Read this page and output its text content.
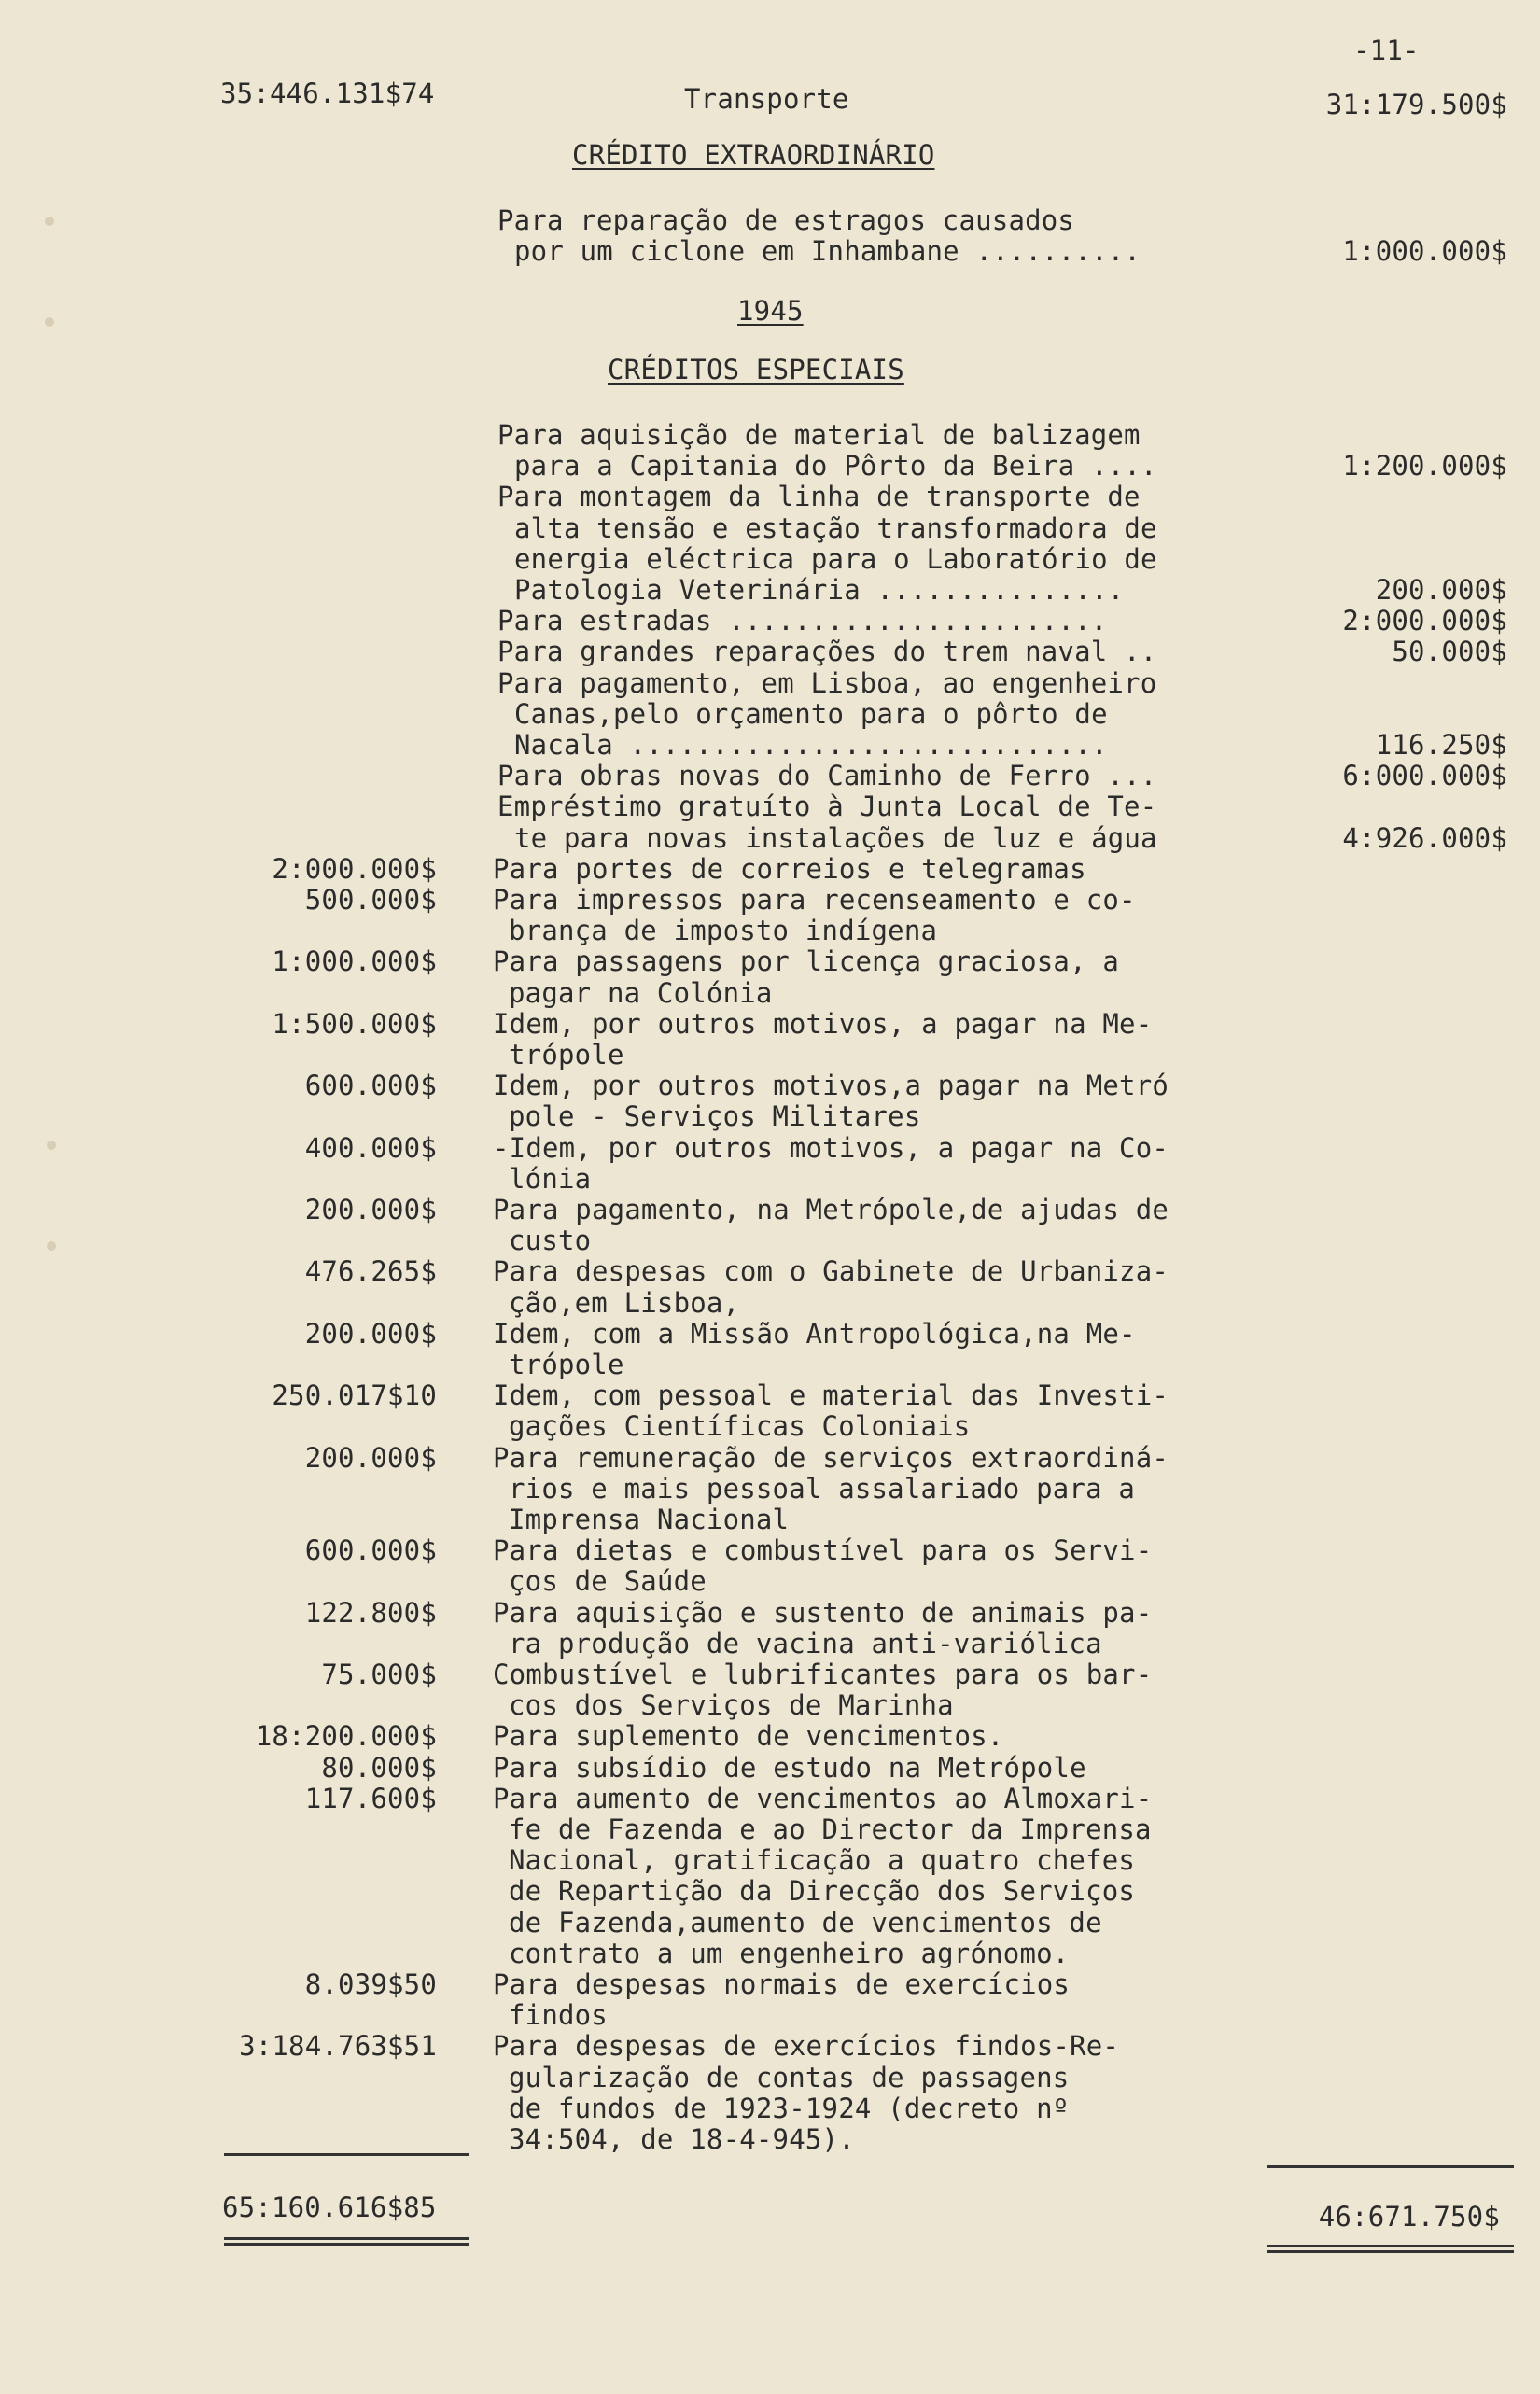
-11-
35:446.131$74	Transporte	31:179.500$
CRÉDITO EXTRAORDINÁRIO
Para reparação de estragos causados
por um ciclone em Inhambane ..........	1:000.000$
1945
CRÉDITOS ESPECIAIS
Para aquisição de material de balizagem
para a Capitania do Pôrto da Beira ....	1:200.000$
Para montagem da linha de transporte de
alta tensão e estação transformadora de
energia eléctrica para o Laboratório de
Patologia Veterinária ...............	200.000$
Para estradas .......................	2:000.000$
Para grandes reparações do trem naval ..	50.000$
Para pagamento, em Lisboa, ao engenheiro
Canas,pelo orçamento para o pôrto de
Nacala .............................	116.250$
Para obras novas do Caminho de Ferro ...	6:000.000$
Empréstimo gratuíto à Junta Local de Te-
te para novas instalações de luz e água	4:926.000$
2:000.000$ Para portes de correios e telegramas
500.000$ Para impressos para recenseamento e co-
brança de imposto indígena
1:000.000$ Para passagens por licença graciosa, a
pagar na Colónia
1:500.000$ Idem, por outros motivos, a pagar na Me-
trópole
600.000$ Idem, por outros motivos,a pagar na Metró
pole - Serviços Militares
400.000$ -Idem, por outros motivos, a pagar na Co-
lónia
200.000$ Para pagamento, na Metrópole,de ajudas de
custo
476.265$ Para despesas com o Gabinete de Urbaniza-
ção,em Lisboa,
200.000$ Idem, com a Missão Antropológica,na Me-
trópole
250.017$10 Idem, com pessoal e material das Investi-
gações Científicas Coloniais
200.000$ Para remuneração de serviços extraordiná-
rios e mais pessoal assalariado para a
Imprensa Nacional
600.000$ Para dietas e combustível para os Servi-
ços de Saúde
122.800$ Para aquisição e sustento de animais pa-
ra produção de vacina anti-variólica
75.000$ Combustível e lubrificantes para os bar-
cos dos Serviços de Marinha
18:200.000$ Para suplemento de vencimentos.
80.000$ Para subsídio de estudo na Metrópole
117.600$ Para aumento de vencimentos ao Almoxari-
fe de Fazenda e ao Director da Imprensa
Nacional, gratificação a quatro chefes
de Repartição da Direcção dos Serviços
de Fazenda,aumento de vencimentos de
contrato a um engenheiro agrónomo.
8.039$50 Para despesas normais de exercícios
findos
3:184.763$51 Para despesas de exercícios findos-Re-
gularização de contas de passagens
de fundos de 1923-1924 (decreto nº
34:504, de 18-4-945).
65:160.616$85	46:671.750$
